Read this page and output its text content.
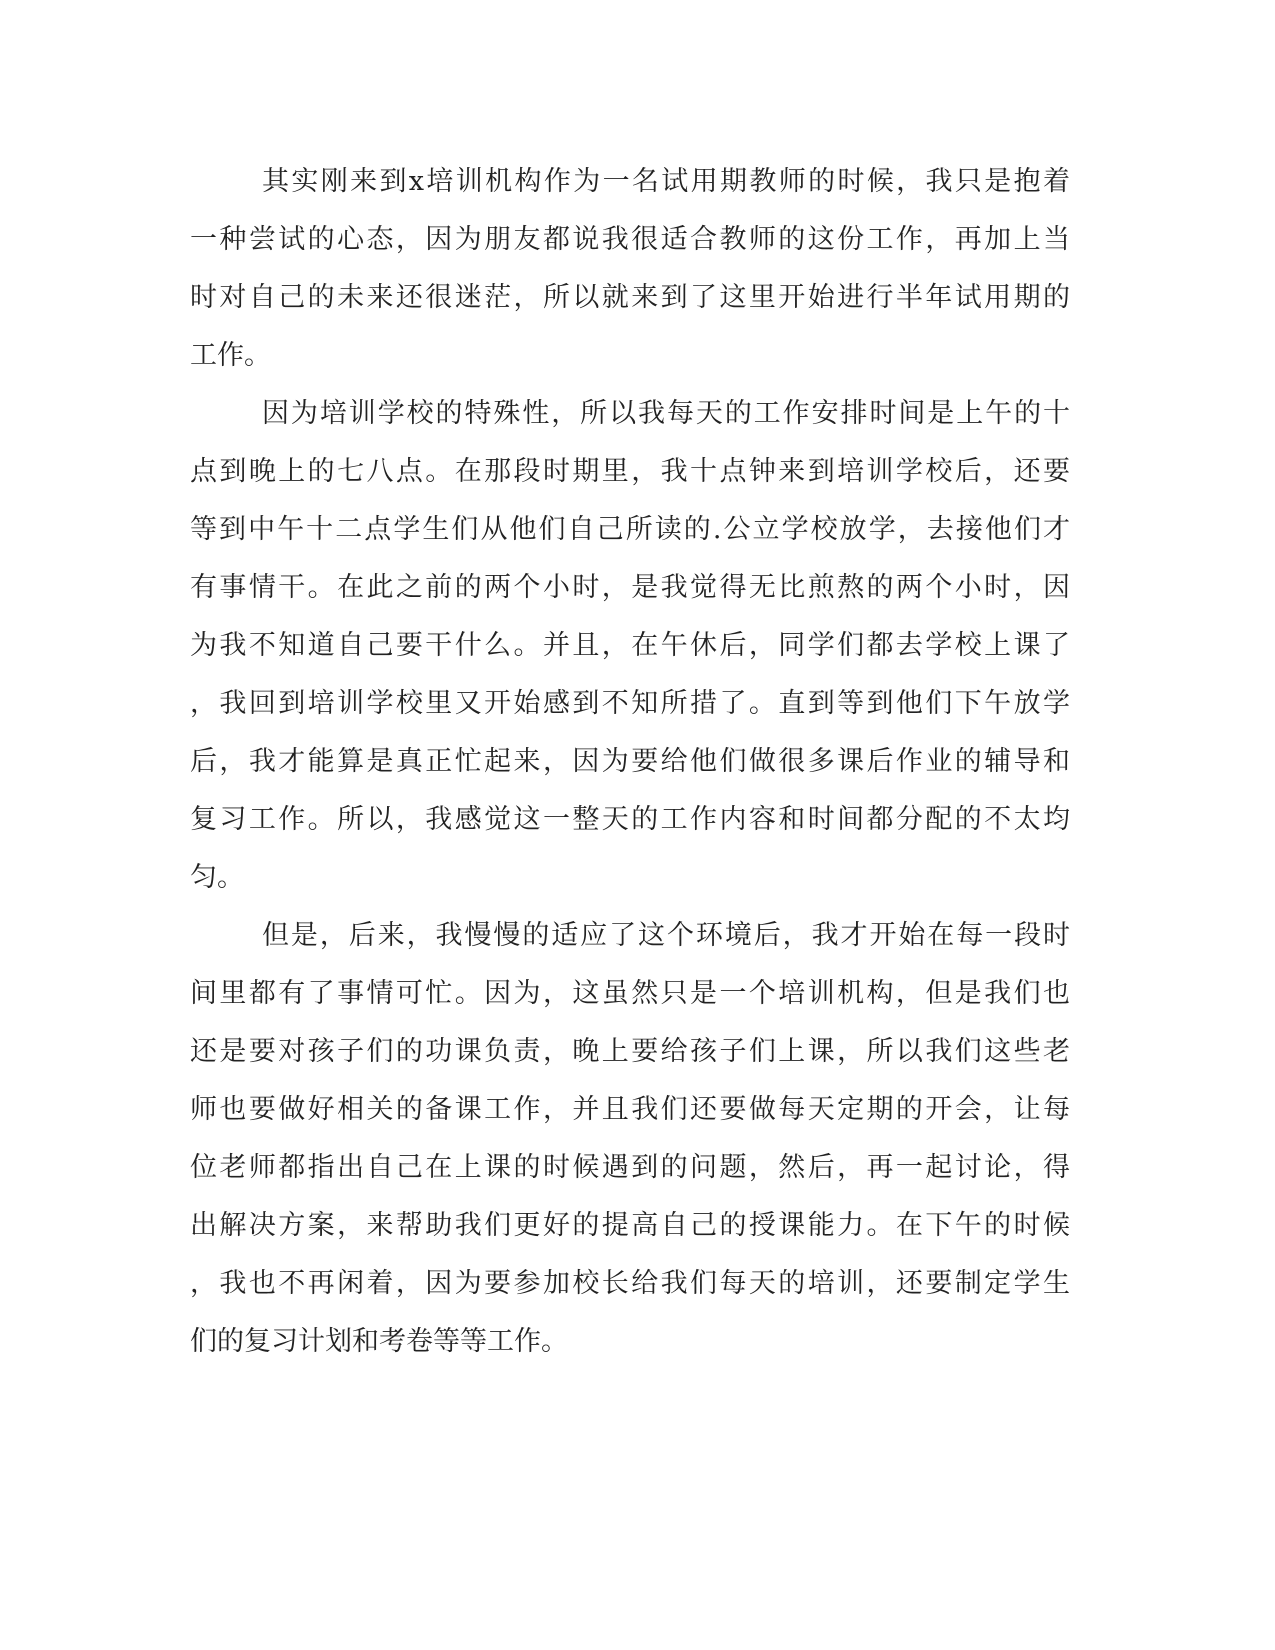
其实刚来到x培训机构作为一名试用期教师的时候，我只是抱着

一种尝试的心态，因为朋友都说我很适合教师的这份工作，再加上当

时对自己的未来还很迷茫，所以就来到了这里开始进行半年试用期的

工作。

因为培训学校的特殊性，所以我每天的工作安排时间是上午的十

点到晚上的七八点。在那段时期里，我十点钟来到培训学校后，还要

等到中午十二点学生们从他们自己所读的.公立学校放学，去接他们才

有事情干。在此之前的两个小时，是我觉得无比煎熬的两个小时，因

为我不知道自己要干什么。并且，在午休后，同学们都去学校上课了

，我回到培训学校里又开始感到不知所措了。直到等到他们下午放学

后，我才能算是真正忙起来，因为要给他们做很多课后作业的辅导和

复习工作。所以，我感觉这一整天的工作内容和时间都分配的不太均

匀。

但是，后来，我慢慢的适应了这个环境后，我才开始在每一段时

间里都有了事情可忙。因为，这虽然只是一个培训机构，但是我们也

还是要对孩子们的功课负责，晚上要给孩子们上课，所以我们这些老

师也要做好相关的备课工作，并且我们还要做每天定期的开会，让每

位老师都指出自己在上课的时候遇到的问题，然后，再一起讨论，得

出解决方案，来帮助我们更好的提高自己的授课能力。在下午的时候

，我也不再闲着，因为要参加校长给我们每天的培训，还要制定学生

们的复习计划和考卷等等工作。
